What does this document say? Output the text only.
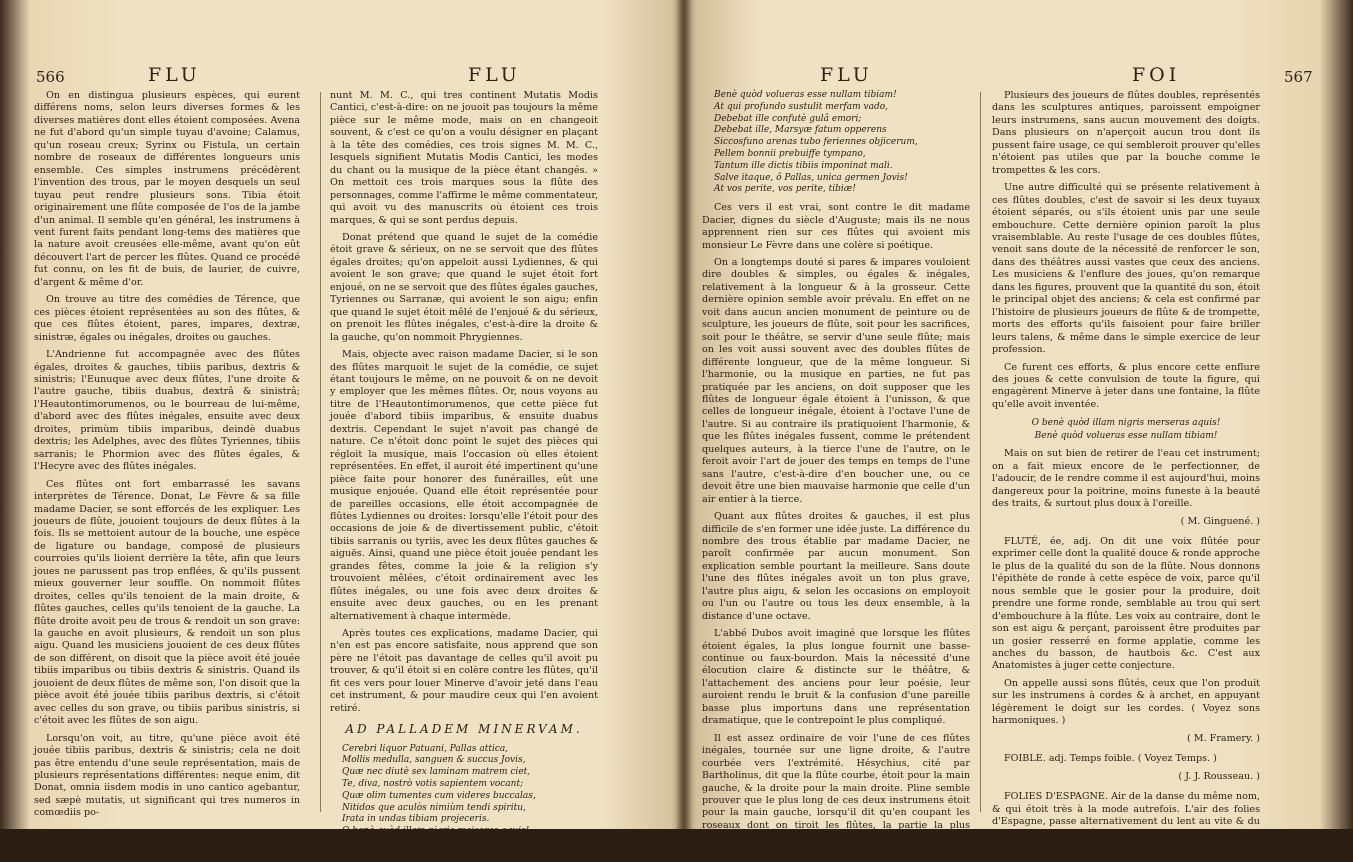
566	FLU	FLU

On en distingua plusieurs espèces, qui eurent différens noms, selon leurs diverses formes & les diverses matières dont elles étoient composées. Avena ne fut d'abord qu'un simple tuyau d'avoine; Calamus, qu'un roseau creux; Syrinx ou Fistula, un certain nombre de roseaux de différentes longueurs unis ensemble. Ces simples instrumens précédèrent l'invention des trous, par le moyen desquels un seul tuyau peut rendre plusieurs sons. Tibia étoit originairement une flûte composée de l'os de la jambe d'un animal. Il semble qu'en général, les instrumens à vent furent faits pendant long-tems des matières que la nature avoit creusées elle-même, avant qu'on eût découvert l'art de percer les flûtes. Quand ce procédé fut connu, on les fit de buis, de laurier, de cuivre, d'argent & même d'or.

On trouve au titre des comédies de Térence, que ces pièces étoient représentées au son des flûtes, & que ces flûtes étoient, pares, impares, dextræ, sinistræ, égales ou inégales, droites ou gauches.

L'Andrienne fut accompagnée avec des flûtes égales, droites & gauches, tibiis paribus, dextris & sinistris; l'Eunuque avec deux flûtes, l'une droite & l'autre gauche, tibiis duabus, dextrâ & sinistrâ; l'Heautontimorumenos, ou le bourreau de lui-même, d'abord avec des flûtes inégales, ensuite avec deux droites, primùm tibiis imparibus, deindè duabus dextris; les Adelphes, avec des flûtes Tyriennes, tibiis sarranis; le Phormion avec des flûtes égales, & l'Hecyre avec des flûtes inégales.

Ces flûtes ont fort embarrassé les savans interprètes de Térence. Donat, Le Fèvre & sa fille madame Dacier, se sont efforcés de les expliquer. Les joueurs de flûte, jouoient toujours de deux flûtes à la fois. Ils se mettoient autour de la bouche, une espèce de ligature ou bandage, composé de plusieurs courroies qu'ils lioient derrière la tête, afin que leurs joues ne parussent pas trop enflées, & qu'ils pussent mieux gouverner leur souffle. On nommoit flûtes droites, celles qu'ils tenoient de la main droite, & flûtes gauches, celles qu'ils tenoient de la gauche. La flûte droite avoit peu de trous & rendoit un son grave: la gauche en avoit plusieurs, & rendoit un son plus aigu. Quand les musiciens jouoient de ces deux flûtes de son différent, on disoit que la pièce avoit été jouée tibiis imparibus ou tibiis dextris & sinistris. Quand ils jouoient de deux flûtes de même son, l'on disoit que la pièce avoit été jouée tibiis paribus dextris, si c'étoit avec celles du son grave, ou tibiis paribus sinistris, si c'étoit avec les flûtes de son aigu.

Lorsqu'on voit, au titre, qu'une pièce avoit été jouée tibiis paribus, dextris & sinistris; cela ne doit pas être entendu d'une seule représentation, mais de plusieurs représentations différentes: neque enim, dit Donat, omnia iisdem modis in uno cantico agebantur, sed sæpè mutatis, ut significant qui tres numeros in comœdiis po-

nunt M. M. C., qui tres continent Mutatis Modis Cantici, c'est-à-dire: on ne jouoit pas toujours la même pièce sur le même mode, mais on en changeoit souvent, & c'est ce qu'on a voulu désigner en plaçant à la tête des comédies, ces trois signes M. M. C., lesquels signifient Mutatis Modis Cantici, les modes du chant ou la musique de la pièce étant changés. » On mettoit ces trois marques sous la flûte des personnages, comme l'affirme le même commentateur, qui avoit vu des manuscrits où étoient ces trois marques, & qui se sont perdus depuis.

Donat prétend que quand le sujet de la comédie étoit grave & sérieux, on ne se servoit que des flûtes égales droites; qu'on appeloit aussi Lydiennes, & qui avoient le son grave; que quand le sujet étoit fort enjoué, on ne se servoit que des flûtes égales gauches, Tyriennes ou Sarranæ, qui avoient le son aigu; enfin que quand le sujet étoit mêlé de l'enjoué & du sérieux, on prenoit les flûtes inégales, c'est-à-dire la droite & la gauche, qu'on nommoit Phrygiennes.

Mais, objecte avec raison madame Dacier, si le son des flûtes marquoit le sujet de la comédie, ce sujet étant toujours le même, on ne pouvoit & on ne devoit y employer que les mêmes flûtes. Or, nous voyons au titre de l'Heautontimorumenos, que cette pièce fut jouée d'abord tibiis imparibus, & ensuite duabus dextris. Cependant le sujet n'avoit pas changé de nature. Ce n'étoit donc point le sujet des pièces qui régloit la musique, mais l'occasion où elles étoient représentées. En effet, il auroit été impertinent qu'une pièce faite pour honorer des funérailles, eût une musique enjouée. Quand elle étoit représentée pour de pareilles occasions, elle étoit accompagnée de flûtes Lydiennes ou droites: lorsqu'elle l'étoit pour des occasions de joie & de divertissement public, c'étoit tibiis sarranis ou tyriis, avec les deux flûtes gauches & aiguës. Ainsi, quand une pièce étoit jouée pendant les grandes fêtes, comme la joie & la religion s'y trouvoient mêlées, c'étoit ordinairement avec les flûtes inégales, ou une fois avec deux droites & ensuite avec deux gauches, ou en les prenant alternativement à chaque intermède.

Après toutes ces explications, madame Dacier, qui n'en est pas encore satisfaite, nous apprend que son père ne l'étoit pas davantage de celles qu'il avoit pu trouver, & qu'il étoit si en colère contre les flûtes, qu'il fit ces vers pour louer Minerve d'avoir jeté dans l'eau cet instrument, & pour maudire ceux qui l'en avoient retiré.

AD PALLADEM MINERVAM.

Cerebri liquor Patuani, Pallas attica,

Mollis medulla, sanguen & succus Jovis,

Quæ nec diutè sex laminam matrem ciet,

Te, diva, nostrò votis sapientem vocant;

Quæ olim tumentes cum videres buccalas,

Nitidos que aculòs nimiùm tendi spiritu,

Irata in undas tibiam projeceris.

O benè quòd illam nigris meiseras aquis!

FLU	FOI	567

Benè quòd volueras esse nullam tibiam!

At qui profundo sustulit merfam vado,

Debebat ille confutè gulâ emori;

Debebat ille, Marsyæ fatum opperens

Siccosfuno arenas tubo feriennes objicerum,

Pellem bonnii prebuiffe tympano,

Tantum ille dictis tibiis imponinat mali.

Salve itaque, ô Pallas, unica germen Jovis!

At vos perite, vos perite, tibiæ!

Ces vers il est vrai, sont contre le dit madame Dacier, dignes du siècle d'Auguste; mais ils ne nous apprennent rien sur ces flûtes qui avoient mis monsieur Le Fèvre dans une colère si poétique.

On a longtemps douté si pares & impares vouloient dire doubles & simples, ou égales & inégales, relativement à la longueur & à la grosseur. Cette dernière opinion semble avoir prévalu. En effet on ne voit dans aucun ancien monument de peinture ou de sculpture, les joueurs de flûte, soit pour les sacrifices, soit pour le théâtre, se servir d'une seule flûte; mais on les voit aussi souvent avec des doubles flûtes de différente longueur, que de la même longueur. Si l'harmonie, ou la musique en parties, ne fut pas pratiquée par les anciens, on doit supposer que les flûtes de longueur égale étoient à l'unisson, & que celles de longueur inégale, étoient à l'octave l'une de l'autre. Si au contraire ils pratiquoient l'harmonie, & que les flûtes inégales fussent, comme le prétendent quelques auteurs, à la tierce l'une de l'autre, on le feroit avoir l'art de jouer des temps en temps de l'une sans l'autre, c'est-à-dire d'en boucher une, ou ce devoit être une bien mauvaise harmonie que celle d'un air entier à la tierce.

Quant aux flûtes droites & gauches, il est plus difficile de s'en former une idée juste. La différence du nombre des trous établie par madame Dacier, ne paroît confirmée par aucun monument. Son explication semble pourtant la meilleure. Sans doute l'une des flûtes inégales avoit un ton plus grave, l'autre plus aigu, & selon les occasions on employoit ou l'un ou l'autre ou tous les deux ensemble, à la distance d'une octave.

L'abbé Dubos avoit imaginé que lorsque les flûtes étoient égales, la plus longue fournit une basse-continue ou faux-bourdon. Mais la nécessité d'une élocution claire & distincte sur le théâtre, & l'attachement des anciens pour leur poésie, leur auroient rendu le bruit & la confusion d'une pareille basse plus importuns dans une représentation dramatique, que le contrepoint le plus compliqué.

Il est assez ordinaire de voir l'une de ces flûtes inégales, tournée sur une ligne droite, & l'autre courbée vers l'extrémité. Hésychius, cité par Bartholinus, dit que la flûte courbe, étoit pour la main gauche, & la droite pour la main droite. Pline semble prouver que le plus long de ces deux instrumens étoit pour la main gauche, lorsqu'il dit qu'en coupant les roseaux dont on tiroit les flûtes, la partie la plus proche de la terre étant plus grande, fert pour les flûtes de la main gauche, &c.

Plusieurs des joueurs de flûtes doubles, représentés dans les sculptures antiques, paroissent empoigner leurs instrumens, sans aucun mouvement des doigts. Dans plusieurs on n'aperçoit aucun trou dont ils pussent faire usage, ce qui sembleroit prouver qu'elles n'étoient pas utiles que par la bouche comme le trompettes & les cors.

Une autre difficulté qui se présente relativement à ces flûtes doubles, c'est de savoir si les deux tuyaux étoient séparés, ou s'ils étoient unis par une seule embouchure. Cette dernière opinion paroît la plus vraisemblable. Au reste l'usage de ces doubles flûtes, venoit sans doute de la nécessité de renforcer le son, dans des théâtres aussi vastes que ceux des anciens. Les musiciens & l'enflure des joues, qu'on remarque dans les figures, prouvent que la quantité du son, étoit le principal objet des anciens; & cela est confirmé par l'histoire de plusieurs joueurs de flûte & de trompette, morts des efforts qu'ils faisoient pour faire briller leurs talens, & même dans le simple exercice de leur profession.

Ce furent ces efforts, & plus encore cette enflure des joues & cette convulsion de toute la figure, qui engagèrent Minerve à jeter dans une fontaine, la flûte qu'elle avoit inventée.

O benè quòd illam nigris merseras aquis!
Benè quòd volueras esse nullam tibiam!

Mais on sut bien de retirer de l'eau cet instrument; on a fait mieux encore de le perfectionner, de l'adoucir, de le rendre comme il est aujourd'hui, moins dangereux pour la poitrine, moins funeste à la beauté des traits, & surtout plus doux à l'oreille.

( M. Ginguené. )

FLUTÉ, ée, adj. On dit une voix flûtée pour exprimer celle dont la qualité douce & ronde approche le plus de la qualité du son de la flûte. Nous donnons l'épithète de ronde à cette espèce de voix, parce qu'il nous semble que le gosier pour la produire, doit prendre une forme ronde, semblable au trou qui sert d'embouchure à la flûte. Les voix au contraire, dont le son est aigu & perçant, paroissent être produites par un gosier resserré en forme applatie, comme les anches du basson, de hautbois &c. C'est aux Anatomistes à juger cette conjecture.

On appelle aussi sons flûtés, ceux que l'on produit sur les instrumens à cordes & à archet, en appuyant légèrement le doigt sur les cordes. ( Voyez sons harmoniques. )

( M. Framery. )

FOIBLE. adj. Temps foible. ( Voyez Temps. )

( J. J. Rousseau. )

FOLIES D'ESPAGNE. Air de la danse du même nom, & qui étoit très à la mode autrefois. L'air des folies d'Espagne, passe alternativement du lent au vite & du vite au lent. Quantité de musiciens & en-
